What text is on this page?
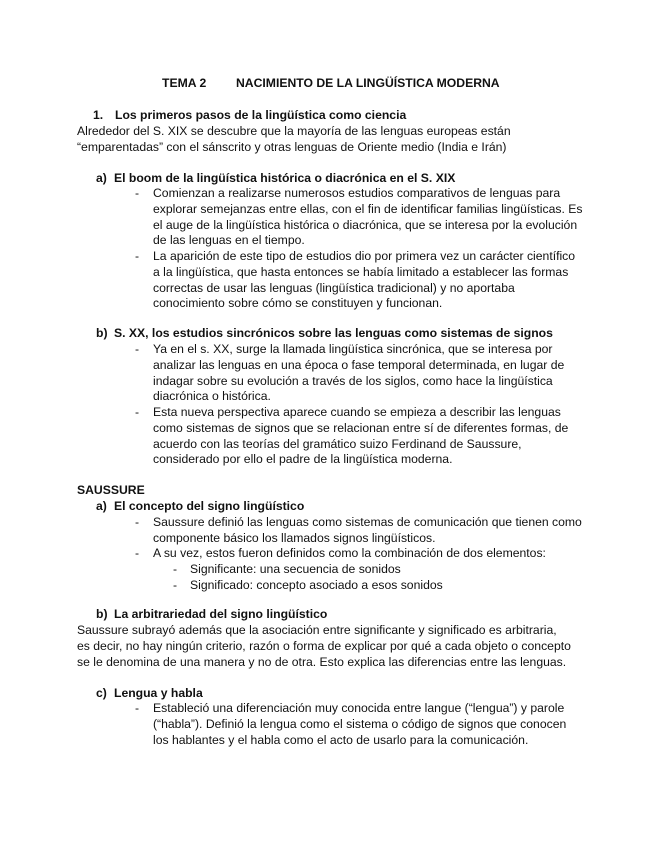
TEMA 2 NACIMIENTO DE LA LINGÜÍSTICA MODERNA
1. Los primeros pasos de la lingüística como ciencia
Alrededor del S. XIX se descubre que la mayoría de las lenguas europeas están “emparentadas” con el sánscrito y otras lenguas de Oriente medio (India e Irán)
a) El boom de la lingüística histórica o diacrónica en el S. XIX
- Comienzan a realizarse numerosos estudios comparativos de lenguas para explorar semejanzas entre ellas, con el fin de identificar familias lingüísticas. Es el auge de la lingüística histórica o diacrónica, que se interesa por la evolución de las lenguas en el tiempo.
- La aparición de este tipo de estudios dio por primera vez un carácter científico a la lingüística, que hasta entonces se había limitado a establecer las formas correctas de usar las lenguas (lingüística tradicional) y no aportaba conocimiento sobre cómo se constituyen y funcionan.
b) S. XX, los estudios sincrónicos sobre las lenguas como sistemas de signos
- Ya en el s. XX, surge la llamada lingüística sincrónica, que se interesa por analizar las lenguas en una época o fase temporal determinada, en lugar de indagar sobre su evolución a través de los siglos, como hace la lingüística diacrónica o histórica.
- Esta nueva perspectiva aparece cuando se empieza a describir las lenguas como sistemas de signos que se relacionan entre sí de diferentes formas, de acuerdo con las teorías del gramático suizo Ferdinand de Saussure, considerado por ello el padre de la lingüística moderna.
SAUSSURE
a) El concepto del signo lingüístico
- Saussure definió las lenguas como sistemas de comunicación que tienen como componente básico los llamados signos lingüísticos.
- A su vez, estos fueron definidos como la combinación de dos elementos:
- Significante: una secuencia de sonidos
- Significado: concepto asociado a esos sonidos
b) La arbitrariedad del signo lingüístico
Saussure subrayó además que la asociación entre significante y significado es arbitraria, es decir, no hay ningún criterio, razón o forma de explicar por qué a cada objeto o concepto se le denomina de una manera y no de otra. Esto explica las diferencias entre las lenguas.
c) Lengua y habla
- Estableció una diferenciación muy conocida entre langue (“lengua”) y parole (“habla”). Definió la lengua como el sistema o código de signos que conocen los hablantes y el habla como el acto de usarlo para la comunicación.
